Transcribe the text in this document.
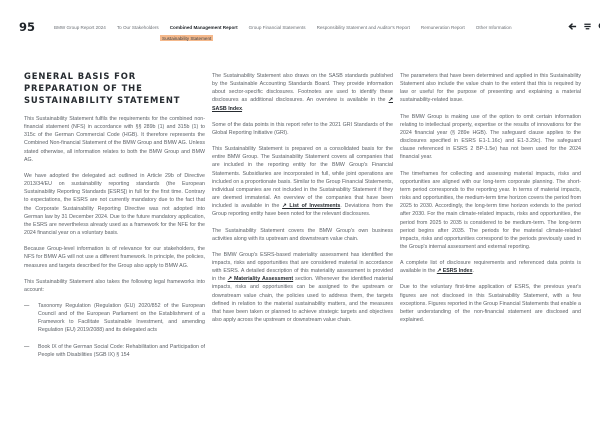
95	BMW Group Report 2024 To Our Stakeholders Combined Management Report Group Financial Statements Responsibility Statement and Auditor's Report Remuneration Report Other Information
Sustainability Statement
GENERAL BASIS FOR PREPARATION OF THE SUSTAINABILITY STATEMENT

This Sustainability Statement fulfils the requirements for the combined non-financial statement (NFS) in accordance with §§ 289b (1) and 315b (1) to 315c of the German Commercial Code (HGB). It therefore represents the Combined Non-financial Statement of the BMW Group and BMW AG. Unless stated otherwise, all information relates to both the BMW Group and BMW AG.

We have adopted the delegated act outlined in Article 29b of Directive 2013/34/EU on sustainability reporting standards (the European Sustainability Reporting Standards [ESRS]) in full for the first time. Contrary to expectations, the ESRS are not currently mandatory due to the fact that the Corporate Sustainability Reporting Directive was not adopted into German law by 31 December 2024. Due to the future mandatory application, the ESRS are nevertheless already used as a framework for the NFE for the 2024 financial year on a voluntary basis.

Because Group-level information is of relevance for our stakeholders, the NFS for BMW AG will not use a different framework. In principle, the policies, measures and targets described for the Group also apply to BMW AG.

This Sustainability Statement also takes the following legal frameworks into account:

—	Taxonomy Regulation (Regulation (EU) 2020/852 of the European Council and of the European Parliament on the Establishment of a Framework to Facilitate Sustainable Investment, and amending Regulation (EU) 2019/2088) and its delegated acts
—	Book IX of the German Social Code: Rehabilitation and Participation of People with Disabilities (SGB IX) § 154

The Sustainability Statement also draws on the SASB standards published by the Sustainable Accounting Standards Board. They provide information about sector-specific disclosures. Footnotes are used to identify these disclosures as additional disclosures. An overview is available in the ↗ SASB Index.

Some of the data points in this report refer to the 2021 GRI Standards of the Global Reporting Initiative (GRI).

This Sustainability Statement is prepared on a consolidated basis for the entire BMW Group. The Sustainability Statement covers all companies that are included in the reporting entity for the BMW Group's Financial Statements. Subsidiaries are incorporated in full, while joint operations are included on a proportionate basis. Similar to the Group Financial Statements, individual companies are not included in the Sustainability Statement if they are deemed immaterial. An overview of the companies that have been included is available in the ↗ List of Investments. Deviations from the Group reporting entity have been noted for the relevant disclosures.

The Sustainability Statement covers the BMW Group's own business activities along with its upstream and downstream value chain.

The BMW Group's ESRS-based materiality assessment has identified the impacts, risks and opportunities that are considered material in accordance with ESRS. A detailed description of this materiality assessment is provided in the ↗ Materiality Assessment section. Whenever the identified material impacts, risks and opportunities can be assigned to the upstream or downstream value chain, the policies used to address them, the targets defined in relation to the material sustainability matters, and the measures that have been taken or planned to achieve strategic targets and objectives also apply across the upstream or downstream value chain.

The parameters that have been determined and applied in this Sustainability Statement also include the value chain to the extent that this is required by law or useful for the purpose of presenting and explaining a material sustainability-related issue.

The BMW Group is making use of the option to omit certain information relating to intellectual property, expertise or the results of innovations for the 2024 financial year (§ 289e HGB). The safeguard clause applies to the disclosures specified in ESRS E1-1.16c) and E1-3.29c). The safeguard clause referenced in ESRS 2 BP-1.5e) has not been used for the 2024 financial year.

The timeframes for collecting and assessing material impacts, risks and opportunities are aligned with our long-term corporate planning. The short-term period corresponds to the reporting year. In terms of material impacts, risks and opportunities, the medium-term time horizon covers the period from 2025 to 2030. Accordingly, the long-term time horizon extends to the period after 2030. For the main climate-related impacts, risks and opportunities, the period from 2025 to 2035 is considered to be medium-term. The long-term period begins after 2035. The periods for the material climate-related impacts, risks and opportunities correspond to the periods previously used in the Group's internal assessment and external reporting.

A complete list of disclosure requirements and referenced data points is available in the ↗ ESRS Index.

Due to the voluntary first-time application of ESRS, the previous year's figures are not disclosed in this Sustainability Statement, with a few exceptions. Figures reported in the Group Financial Statements that enable a better understanding of the non-financial statement are disclosed and explained.
